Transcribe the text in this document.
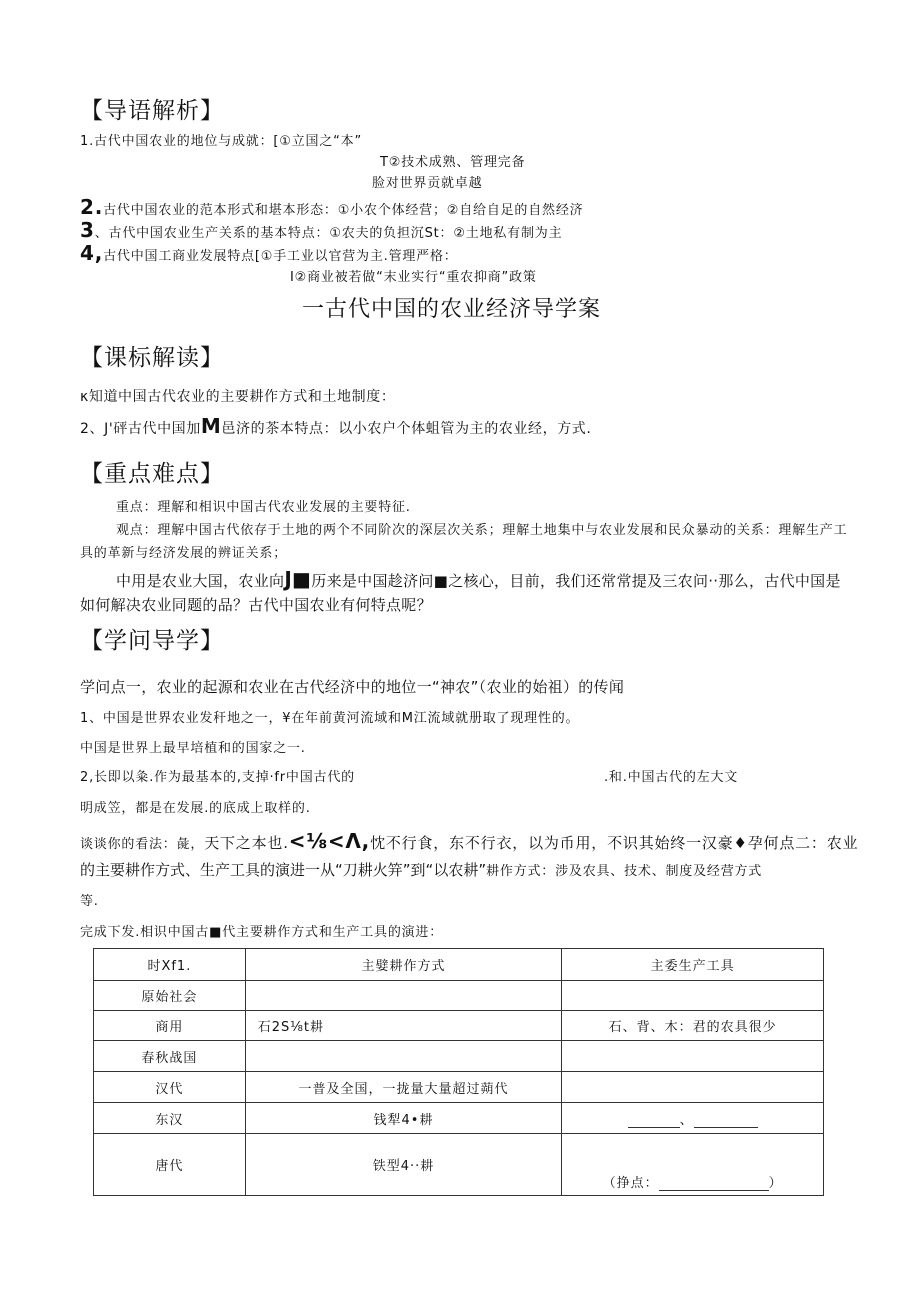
【导语解析】
1.古代中国农业的地位与成就：[①立国之“本”
T②技术成熟、管理完备
脸对世界贡就卓越
2.古代中国农业的范本形式和堪本形态：①小农个体经营；②自给自足的自然经济
3、古代中国农业生产关系的基本特点：①农夫的负担沉St：②土地私有制为主
4,古代中国工商业发展特点[①手工业以官营为主.管理严格：
I②商业被若做“末业实行“重农抑商”政策
一古代中国的农业经济导学案
【课标解读】
κ知道中国古代农业的主要耕作方式和土地制度：
2、J'砰古代中国加M邑济的茶本特点：以小农户个体蛆管为主的农业经，方式.
【重点难点】
重点：理解和相识中国古代农业发展的主要特征.
观点：理解中国古代依存于土地的两个不同阶次的深层次关系；理解土地集中与农业发展和民众暴动的关系：理解生产工具的革新与经济发展的辨证关系；
中用是农业大国，农业向J■历来是中国趁济问■之核心，目前，我们还常常提及三农问··那么，古代中国是如何解决农业同题的品？古代中国农业有何特点呢？
【学问导学】
学问点一，农业的起源和农业在古代经济中的地位一“神农”（农业的始祖）的传闻
1、中国是世界农业发秆地之一，¥在年前黄河流域和M江流域就册取了现理性的。
中国是世界上最早培植和的国家之一.
2,长即以粂.作为最基本的,支掉·fr中国古代的	.和.中国古代的左大文
明成笠，都是在发展.的底成上取样的.
谈谈你的看法：彘，天下之本也.<⅛<Λ,忱不行食，东不行衣，以为币用，不识其始终一汉豪♦孕何点二：农业
的主要耕作方式、生产工具的演进一从“刀耕火笄”到“以农耕”耕作方式：涉及农具、技术、制度及经营方式
等.
完成下发.相识中国古■代主要耕作方式和生产工具的演进：
时Xf1.	主嬖耕作方式	主委生产工具
原始社会		
商用	石2S⅛t耕	石、背、木：君的农具很少
春秋战国		
汉代	一普及全国，一拢量大量超过蒴代	
东汉	钱犁4•耕	、
唐代	铁型4··耕	（挣点： ）
